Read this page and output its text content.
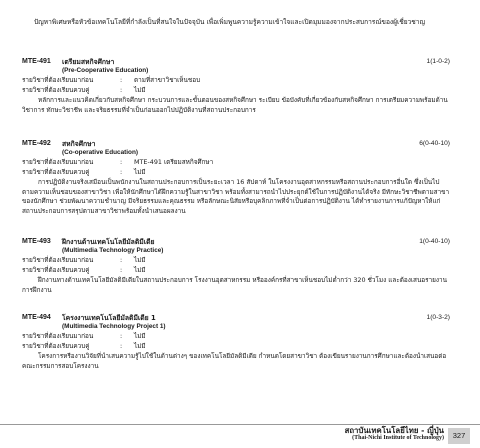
ปัญหาพิเศษหรือหัวข้อเทคโนโลยีที่กำลังเป็นที่สนใจในปัจจุบัน เพื่อเพิ่มพูนความรู้ความเข้าใจและเปิดมุมมองจากประสบการณ์ของผู้เชี่ยวชาญ
MTE-491	เตรียมสหกิจศึกษา	1(1-0-2)
(Pre-Cooperative Education)
รายวิชาที่ต้องเรียนมาก่อน	:	ตามที่สาขาวิชาเห็นชอบ
รายวิชาที่ต้องเรียนควบคู่	:	ไม่มี
หลักการและแนวคิดเกี่ยวกับสหกิจศึกษา กระบวนการและขั้นตอนของสหกิจศึกษา ระเบียบ ข้อบังคับที่เกี่ยวข้องกับสหกิจศึกษา การเตรียมความพร้อมด้านวิชาการ ทักษะวิชาชีพ และจริยธรรมที่จำเป็นก่อนออกไปปฏิบัติงานที่สถานประกอบการ
MTE-492	สหกิจศึกษา	6(0-40-10)
(Co-operative Education)
รายวิชาที่ต้องเรียนมาก่อน	:	MTE-491 เตรียมสหกิจศึกษา
รายวิชาที่ต้องเรียนควบคู่	:	ไม่มี
การปฏิบัติงานจริงเสมือนเป็นพนักงานในสถานประกอบการเป็นระยะเวลา 16 สัปดาห์ ในโครงงานอุตสาหกรรมหรือสถานประกอบการอื่นใด ซึ่งเป็นไปตามความเห็นชอบของสาขาวิชา เพื่อให้นักศึกษาได้ฝึกความรู้ในสาขาวิชา พร้อมทั้งสามารถนำไปประยุกต์ใช้ในการปฏิบัติงานได้จริง มีทักษะวิชาชีพตามสาขาของนักศึกษา ช่วยพัฒนาความชำนาญ มีจริยธรรมและคุณธรรม หรือลักษณะนิสัยหรือบุคลิกภาพที่จำเป็นต่อการปฏิบัติงาน ได้ทำรายงานการแก้ปัญหาให้แก่สถานประกอบการสรุปตามสาขาวิชาพร้อมทั้งนำเสนอผลงาน
MTE-493	ฝึกงานด้านเทคโนโลยีมัลติมีเดีย	1(0-40-10)
(Multimedia Technology Practice)
รายวิชาที่ต้องเรียนมาก่อน	:	ไม่มี
รายวิชาที่ต้องเรียนควบคู่	:	ไม่มี
ฝึกงานทางด้านเทคโนโลยีมัลติมีเดียในสถานประกอบการ โรงงานอุตสาหกรรม หรือองค์กรที่สาขาเห็นชอบไม่ต่ำกว่า 320 ชั่วโมง และต้องเสนอรายงานการฝึกงาน
MTE-494	โครงงานเทคโนโลยีมัลติมีเดีย 1	1(0-3-2)
(Multimedia Technology Project 1)
รายวิชาที่ต้องเรียนมาก่อน	:	ไม่มี
รายวิชาที่ต้องเรียนควบคู่	:	ไม่มี
โครงการหรืองานวิจัยที่นำเสนความรู้ไปใช้ในด้านต่างๆ ของเทคโนโลยีมัลติมีเดีย กำหนดโดยสาขาวิชา ต้องเขียนรายงานการศึกษาและต้องนำเสนอต่อคณะกรรมการสอบโครงงาน
สถาบันเทคโนโลยีไทย - ญี่ปุ่น
(Thai-Nichi Institute of Technology)	327
